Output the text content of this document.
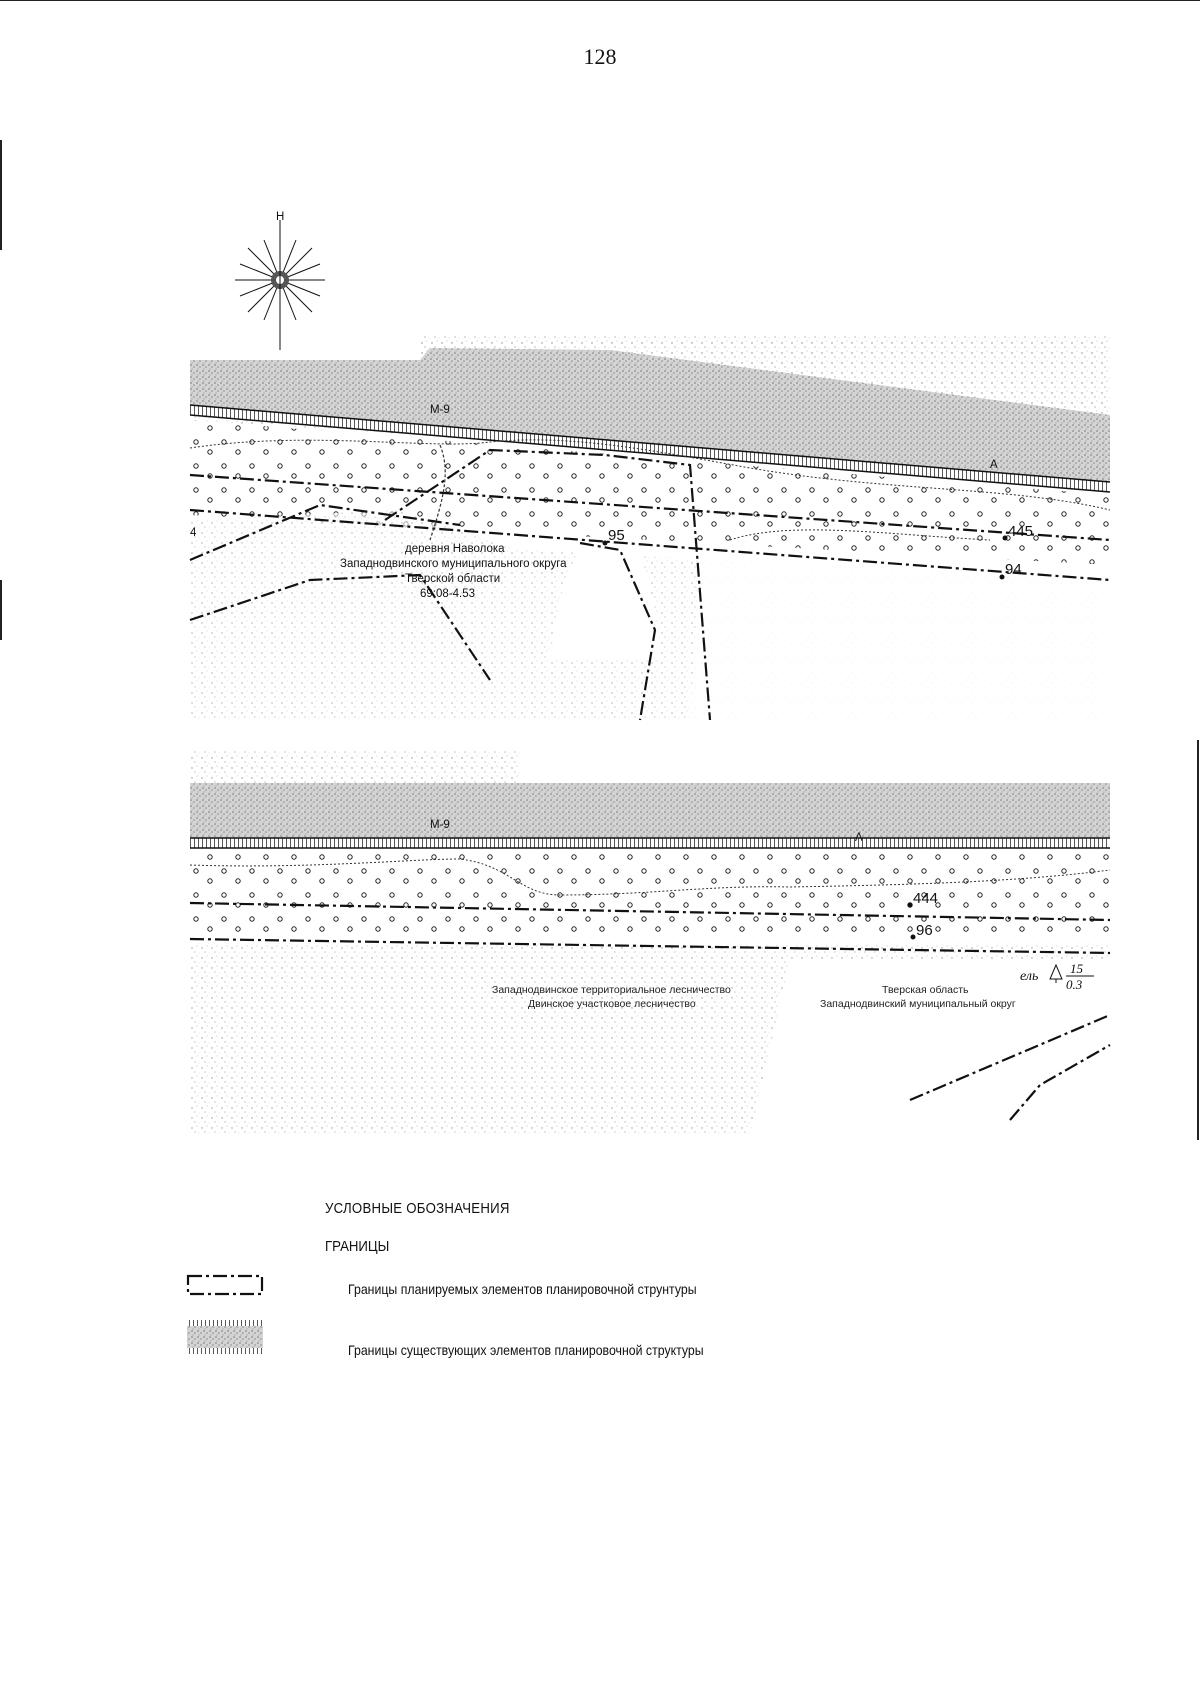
128
Н
М-9
А
4
деревня Наволока
Западнодвинского муниципального округа
Тверской области
69:08-4.53
95	445
94
444
96
М-9
А
Западнодвинское территориальное лесничество
Двинское участковое лесничество
Тверская область
Западнодвинский муниципальный округ
ель
15
0.3
УСЛОВНЫЕ ОБОЗНАЧЕНИЯ
ГРАНИЦЫ
Границы планируемых элементов планировочной струнтуры
Границы существующих элементов планировочной структуры
